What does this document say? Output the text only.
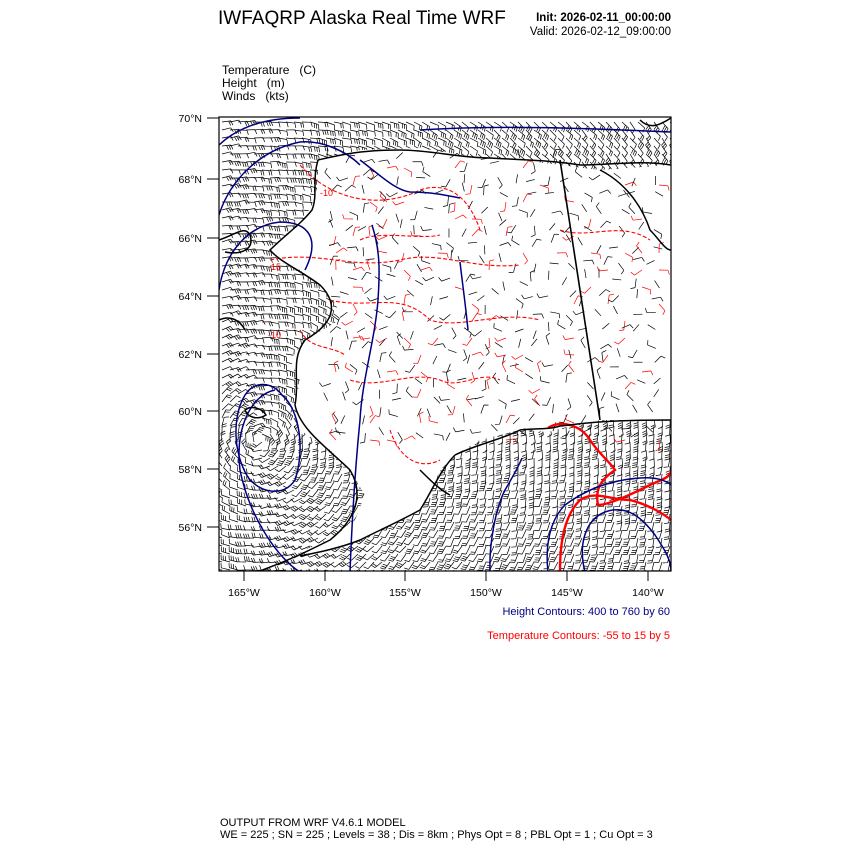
IWFAQRP Alaska Real Time WRF	Init: 2026-02-11_00:00:00
Valid: 2026-02-12_09:00:00
Temperature (C)
Height (m)
Winds (kts)
70°N
68°N
66°N
64°N
62°N
60°N
58°N
56°N
165°W	160°W	155°W	150°W	145°W	140°W
-15
-10
-10
Height Contours: 400 to 760 by 60
Temperature Contours: -55 to 15 by 5
OUTPUT FROM WRF V4.6.1 MODEL
WE = 225 ; SN = 225 ; Levels = 38 ; Dis = 8km ; Phys Opt = 8 ; PBL Opt = 1 ; Cu Opt = 3
